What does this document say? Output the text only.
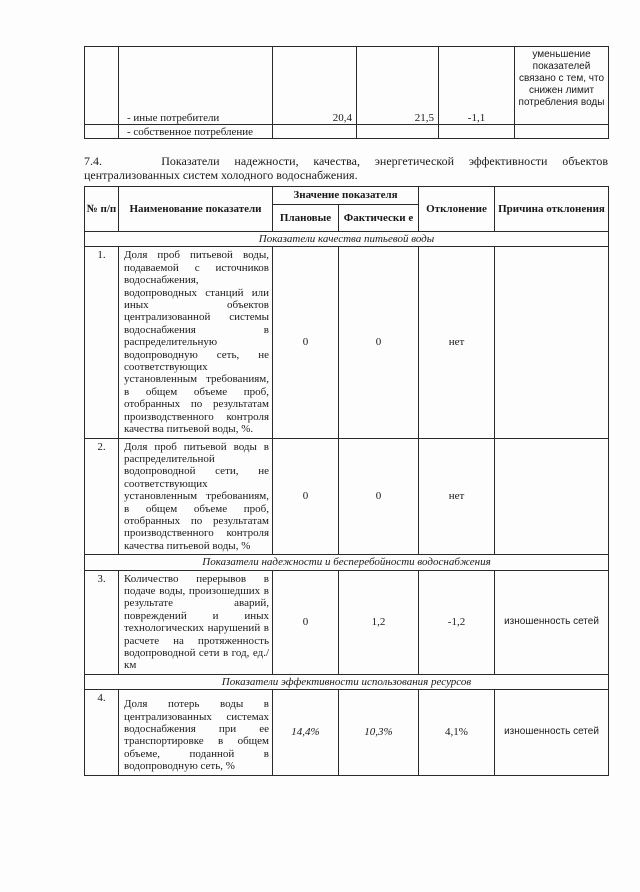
	- иные потребители	20,4	21,5	-1,1	уменьшение показателей связано с тем, что снижен лимит потребления воды
	- собственное потребление				
7.4.	Показатели надежности, качества, энергетической эффективности объектов
централизованных систем холодного водоснабжения.
№ п/п	Наименование показатели	Значение показателя		Отклонение	Причина отклонения
		Плановые	Фактически е		
Показатели качества питьевой воды					
1.	Доля проб питьевой воды, подаваемой с источников водоснабжения, водопроводных станций или иных объектов централизованной системы водоснабжения в распределительную водопроводную сеть, не соответствующих установленным требованиям, в общем объеме проб, отобранных по результатам производственного контроля качества питьевой воды, %.	0	0	нет	
2.	Доля проб питьевой воды в распределительной водопроводной сети, не соответствующих установленным требованиям, в общем объеме проб, отобранных по результатам производственного контроля качества питьевой воды, %	0	0	нет	
Показатели надежности и бесперебойности водоснабжения					
3.	Количество перерывов в подаче воды, произошедших в результате аварий, повреждений и иных технологических нарушений в расчете на протяженность водопроводной сети в год, ед./км	0	1,2	-1,2	изношенность сетей
Показатели эффективности использования ресурсов					
4.	Доля потерь воды в централизованных системах водоснабжения при ее транспортировке в общем объеме, поданной в водопроводную сеть, %	14,4%	10,3%	4,1%	изношенность сетей
